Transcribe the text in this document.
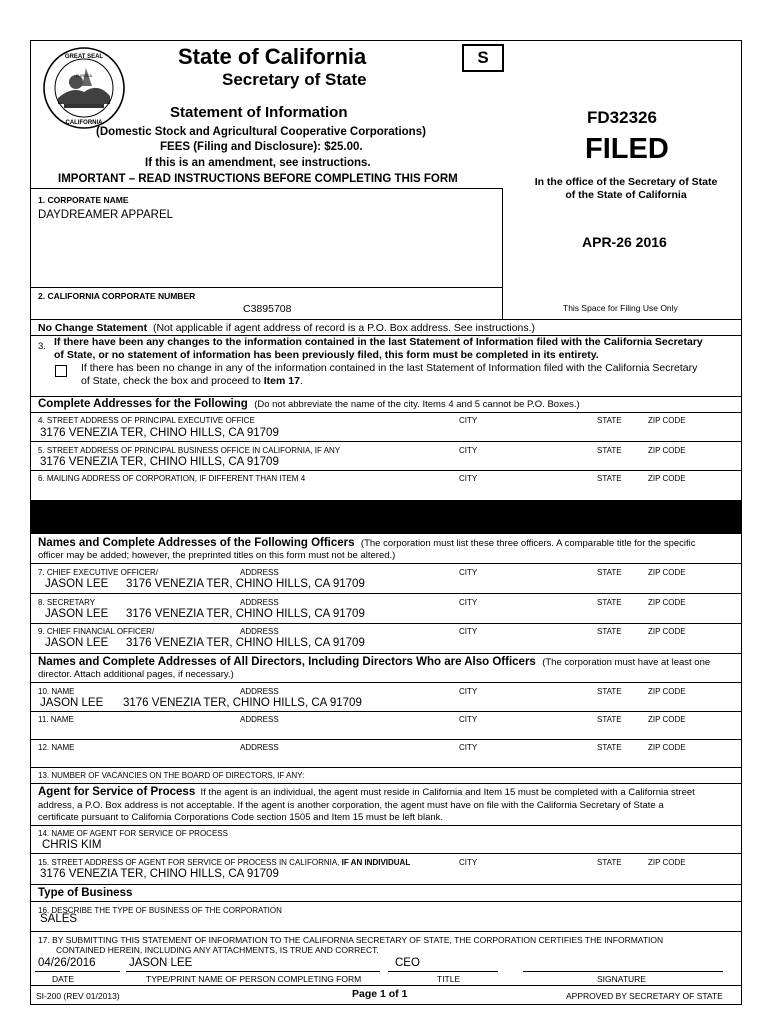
GREAT SEAL
CALIFORNIA
EUREKA
State of California
Secretary of State
S
Statement of Information
(Domestic Stock and Agricultural Cooperative Corporations)
FEES (Filing and Disclosure): $25.00.
If this is an amendment, see instructions.
IMPORTANT – READ INSTRUCTIONS BEFORE COMPLETING THIS FORM
FD32326
FILED
In the office of the Secretary of State
of the State of California
APR-26 2016
This Space for Filing Use Only
1. CORPORATE NAME
DAYDREAMER APPAREL
2. CALIFORNIA CORPORATE NUMBER
C3895708
No Change Statement (Not applicable if agent address of record is a P.O. Box address. See instructions.)
3. If there have been any changes to the information contained in the last Statement of Information filed with the California Secretary
of State, or no statement of information has been previously filed, this form must be completed in its entirety.
If there has been no change in any of the information contained in the last Statement of Information filed with the California Secretary
of State, check the box and proceed to Item 17.
Complete Addresses for the Following (Do not abbreviate the name of the city. Items 4 and 5 cannot be P.O. Boxes.)
4. STREET ADDRESS OF PRINCIPAL EXECUTIVE OFFICE	CITY	STATE	ZIP CODE
3176 VENEZIA TER, CHINO HILLS, CA 91709
5. STREET ADDRESS OF PRINCIPAL BUSINESS OFFICE IN CALIFORNIA, IF ANY	CITY	STATE	ZIP CODE
3176 VENEZIA TER, CHINO HILLS, CA 91709
6. MAILING ADDRESS OF CORPORATION, IF DIFFERENT THAN ITEM 4	CITY	STATE	ZIP CODE
Names and Complete Addresses of the Following Officers (The corporation must list these three officers. A comparable title for the specific
officer may be added; however, the preprinted titles on this form must not be altered.)
7. CHIEF EXECUTIVE OFFICER/	ADDRESS	CITY	STATE	ZIP CODE
JASON LEE 3176 VENEZIA TER, CHINO HILLS, CA 91709
8. SECRETARY	ADDRESS	CITY	STATE	ZIP CODE
JASON LEE 3176 VENEZIA TER, CHINO HILLS, CA 91709
9. CHIEF FINANCIAL OFFICER/	ADDRESS	CITY	STATE	ZIP CODE
JASON LEE 3176 VENEZIA TER, CHINO HILLS, CA 91709
Names and Complete Addresses of All Directors, Including Directors Who are Also Officers (The corporation must have at least one
director. Attach additional pages, if necessary.)
10. NAME	ADDRESS	CITY	STATE	ZIP CODE
JASON LEE 3176 VENEZIA TER, CHINO HILLS, CA 91709
11. NAME	ADDRESS	CITY	STATE	ZIP CODE
12. NAME	ADDRESS	CITY	STATE	ZIP CODE
13. NUMBER OF VACANCIES ON THE BOARD OF DIRECTORS, IF ANY:
Agent for Service of Process If the agent is an individual, the agent must reside in California and Item 15 must be completed with a California street
address, a P.O. Box address is not acceptable. If the agent is another corporation, the agent must have on file with the California Secretary of State a
certificate pursuant to California Corporations Code section 1505 and Item 15 must be left blank.
14. NAME OF AGENT FOR SERVICE OF PROCESS
CHRIS KIM
15. STREET ADDRESS OF AGENT FOR SERVICE OF PROCESS IN CALIFORNIA, IF AN INDIVIDUAL	CITY	STATE	ZIP CODE
3176 VENEZIA TER, CHINO HILLS, CA 91709
Type of Business
16. DESCRIBE THE TYPE OF BUSINESS OF THE CORPORATION
SALES
17. BY SUBMITTING THIS STATEMENT OF INFORMATION TO THE CALIFORNIA SECRETARY OF STATE, THE CORPORATION CERTIFIES THE INFORMATION
CONTAINED HEREIN, INCLUDING ANY ATTACHMENTS, IS TRUE AND CORRECT.
04/26/2016	JASON LEE	CEO
DATE	TYPE/PRINT NAME OF PERSON COMPLETING FORM	TITLE	SIGNATURE
SI-200 (REV 01/2013)	Page 1 of 1	APPROVED BY SECRETARY OF STATE
